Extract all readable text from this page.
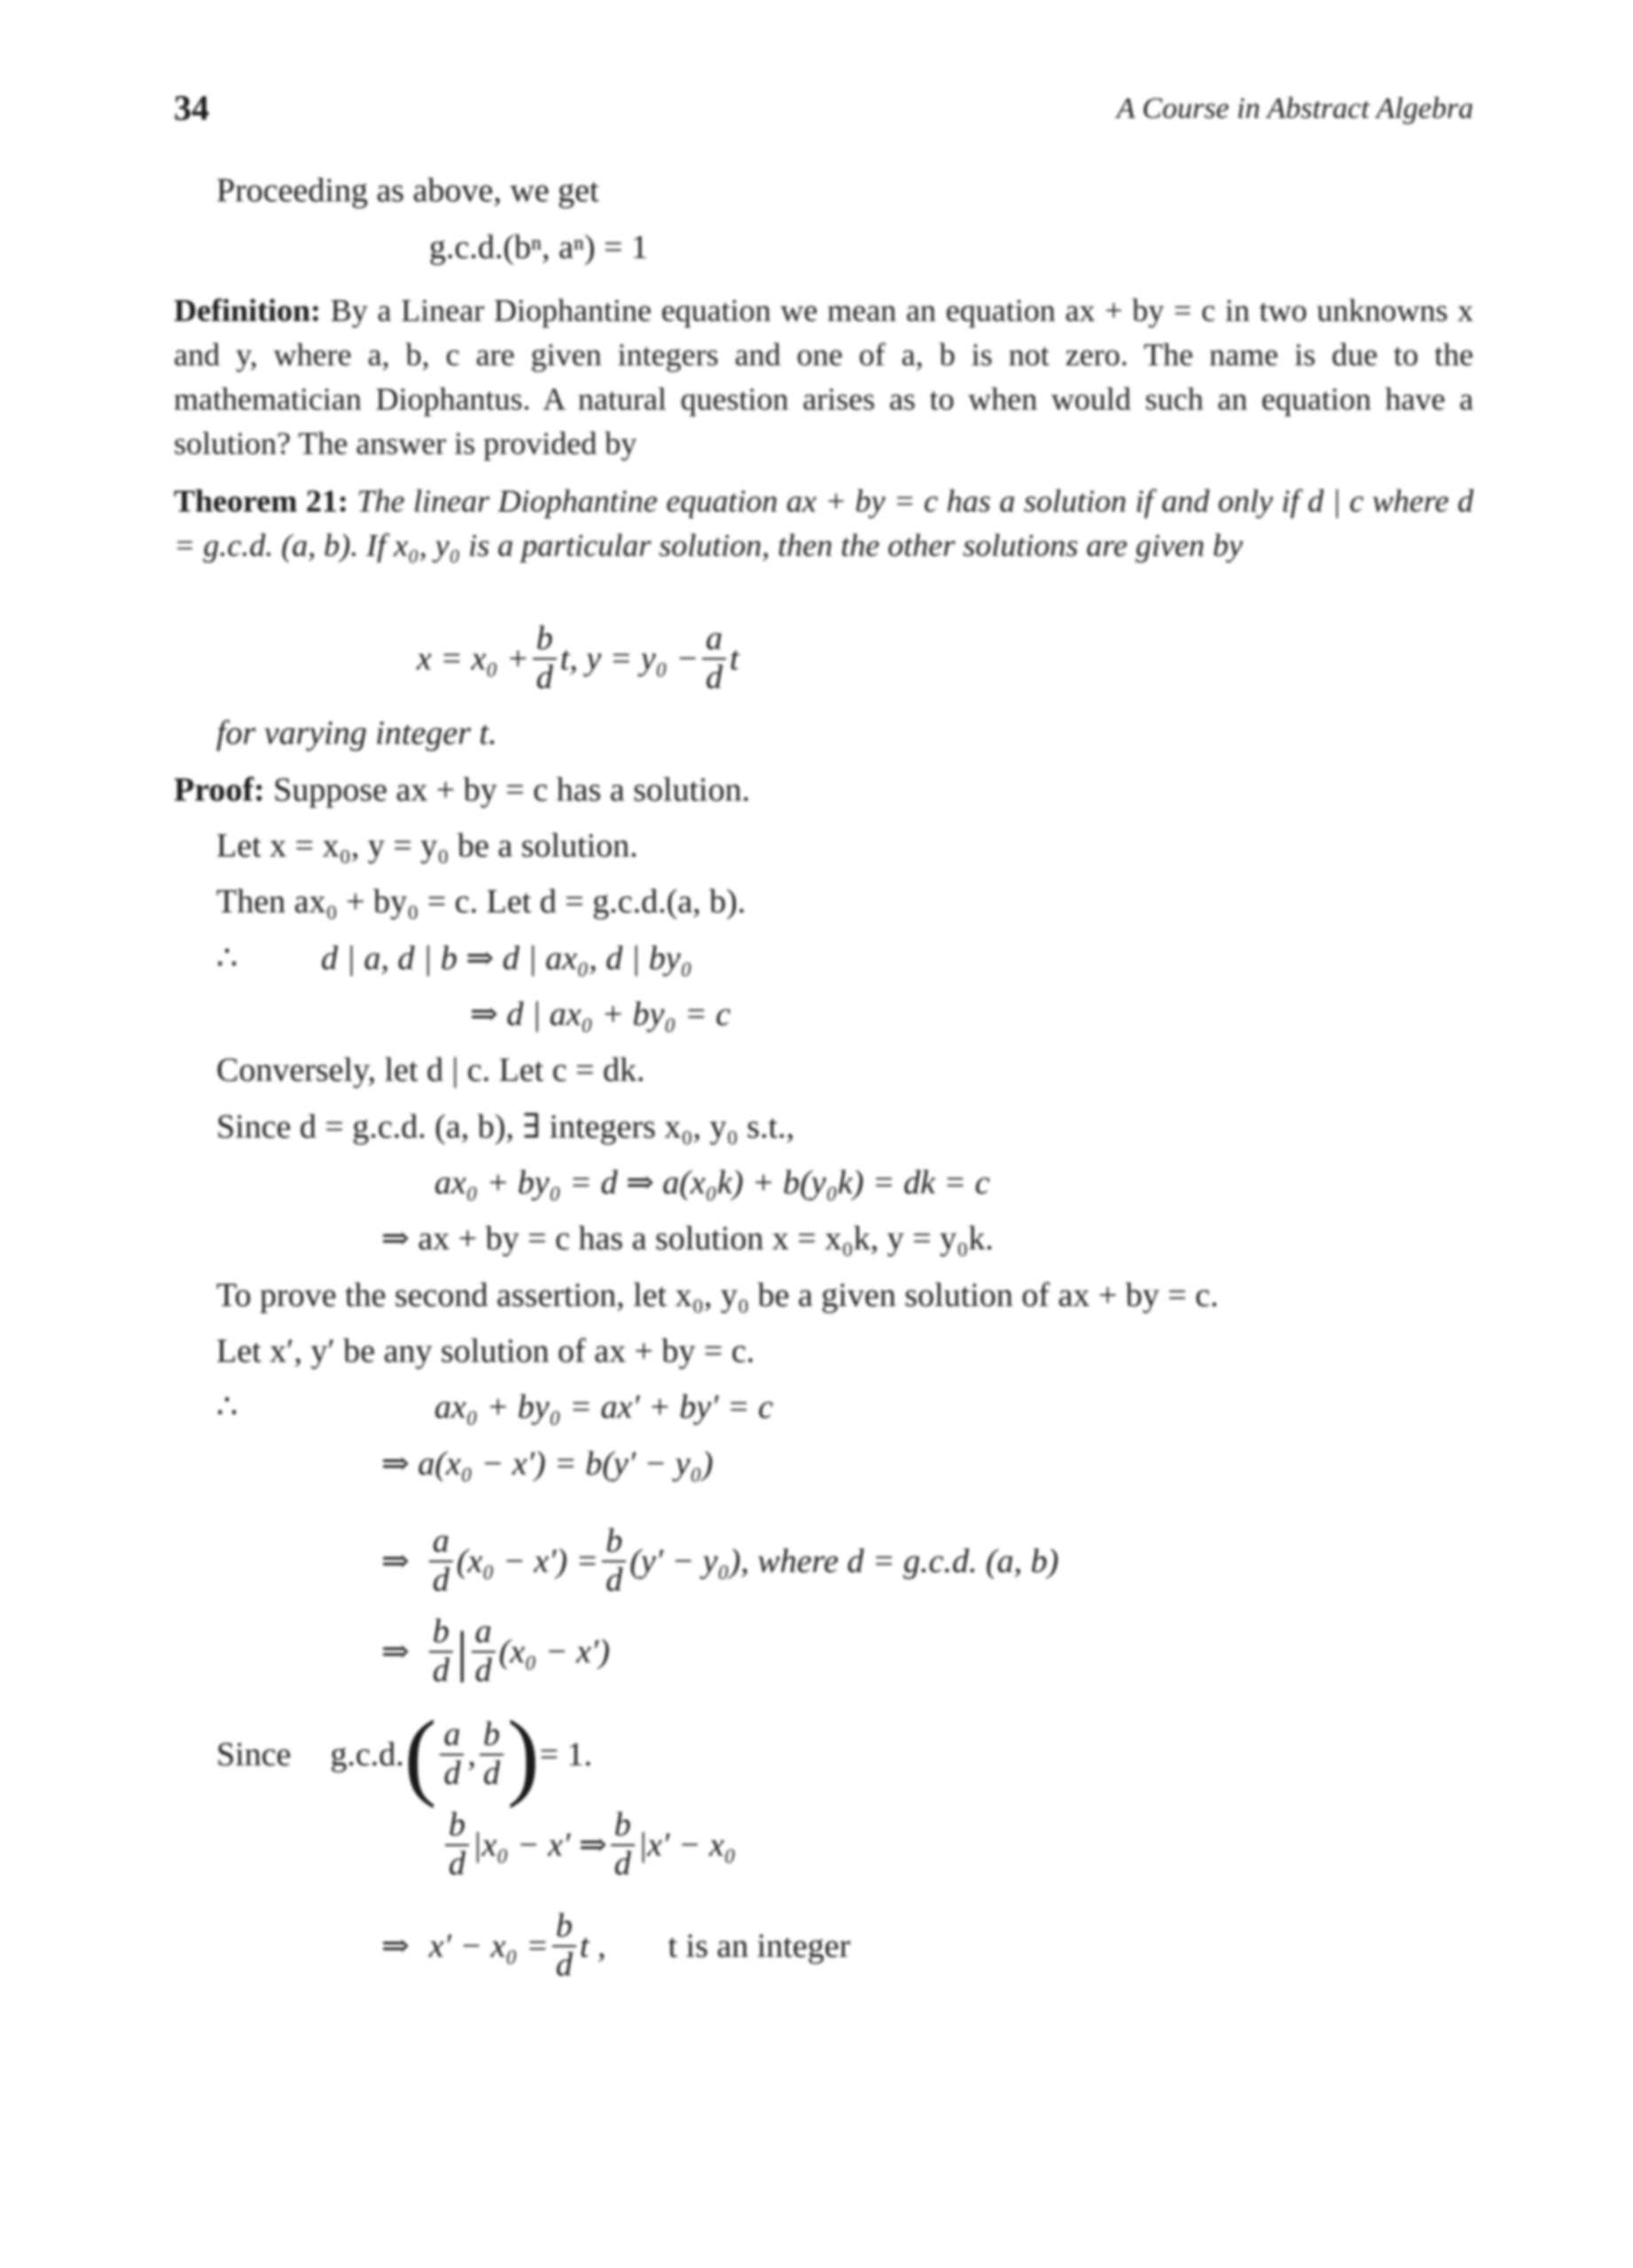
34	A Course in Abstract Algebra
Proceeding as above, we get
g.c.d.(bⁿ, aⁿ) = 1
Definition: By a Linear Diophantine equation we mean an equation ax + by = c in two unknowns x and y, where a, b, c are given integers and one of a, b is not zero. The name is due to the mathematician Diophantus. A natural question arises as to when would such an equation have a solution? The answer is provided by
Theorem 21: The linear Diophantine equation ax + by = c has a solution if and only if d | c where d = g.c.d. (a, b). If x₀, y₀ is a particular solution, then the other solutions are given by
$x = x_0 + \frac{b}{d} t$, $y = y_0 - \frac{a}{d}$ t
for varying integer t.
Proof: Suppose ax + by = c has a solution.
Let x = x₀, y = y₀ be a solution.
Then ax₀ + by₀ = c. Let d = g.c.d.(a, b).
∴ d | a, d | b ⇒ d | ax₀, d | by₀
⇒ d | ax₀ + by₀ = c
Conversely, let d | c. Let c = dk.
Since d = g.c.d. (a, b), ∃ integers x₀, y₀ s.t.,
ax₀ + by₀ = d ⇒ a(x₀k) + b(y₀k) = dk = c
⇒ ax + by = c has a solution x = x₀k, y = y₀k.
To prove the second assertion, let x₀, y₀ be a given solution of ax + by = c.
Let x′, y′ be any solution of ax + by = c.
∴	ax₀ + by₀ = ax′ + by′ = c
⇒ a(x₀ − x′) = b(y′ − y₀)
⇒ $\frac{a}{d} (x_0 - x') = \frac{b}{d} (y' - y_0)$, where d = g.c.d. (a, b)
⇒ $\frac{b}{d}$ | $\frac{a}{d} (x_0 - x')$
Since g.c.d. ( $\frac{a}{d}$ , $\frac{b}{d}$ ) = 1.
$\frac{b}{d} |x_0 - x'$ ⇒ $\frac{b}{d} |x' - x_0$
⇒ $x' - x_0 = \frac{b}{d}$ t , t is an integer
